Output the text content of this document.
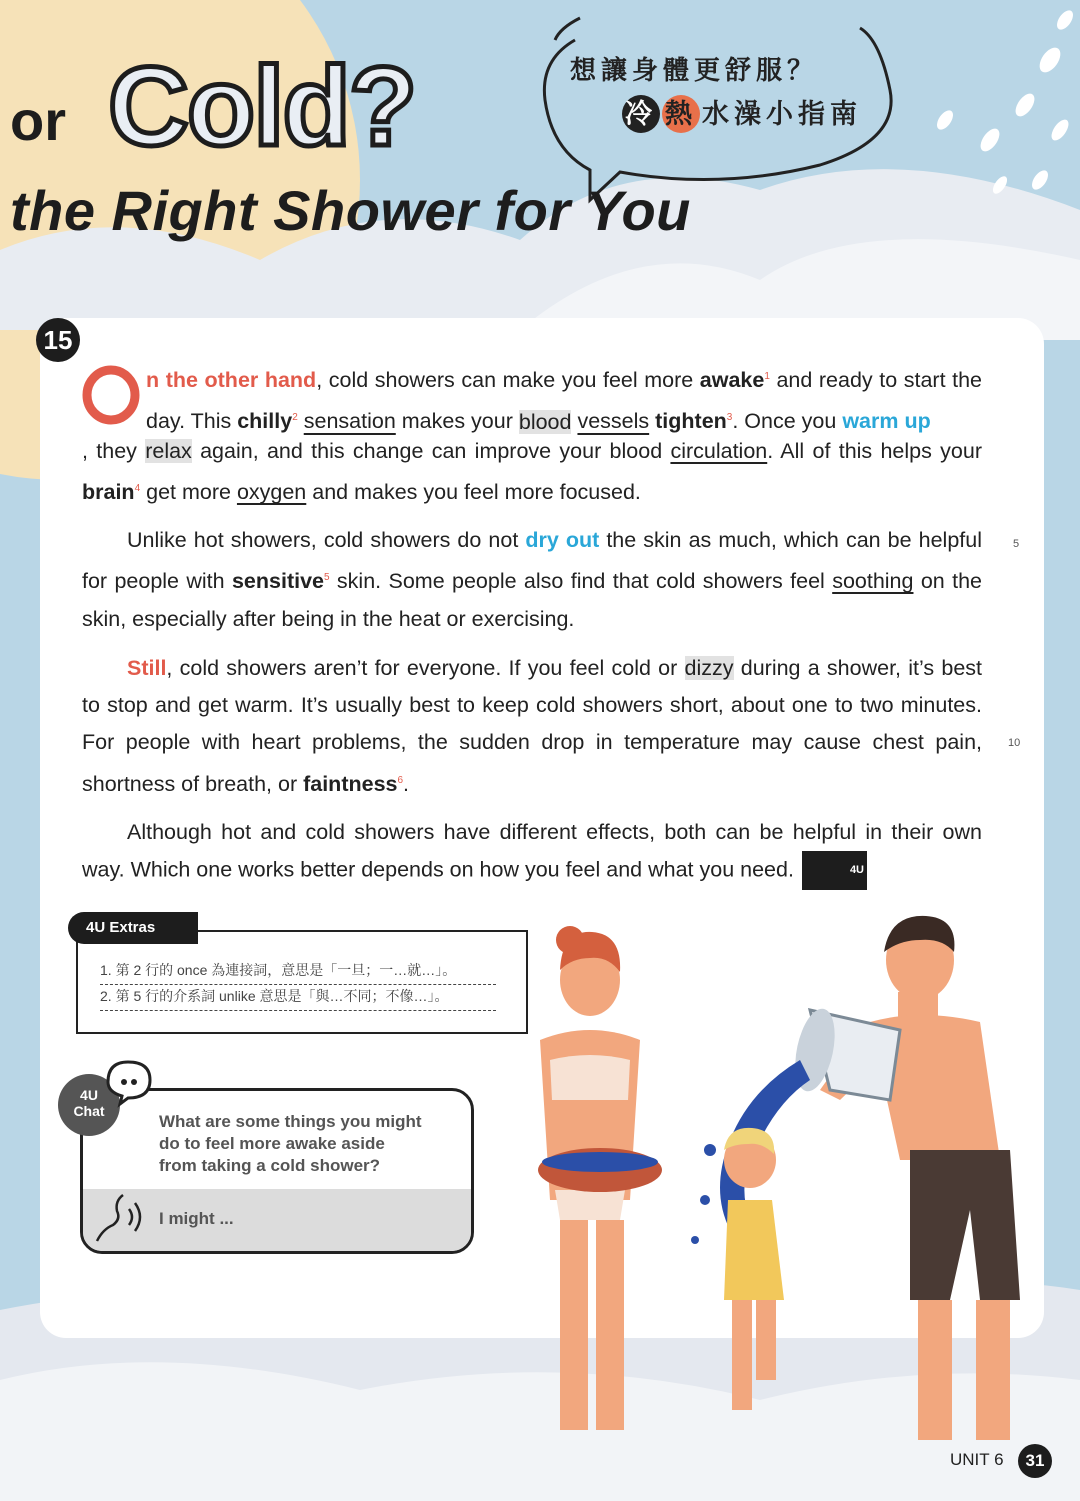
or Cold?
the Right Shower for You
想讓身體更舒服？
冷 熱 水澡小指南
15
n the other hand, cold showers can make you feel more awake$^1$ and ready to start the day. This chilly$^2$ sensation makes your blood vessels tighten$^3$. Once you warm up
, they relax again, and this change can improve your blood circulation. All of this helps your brain$^4$ get more oxygen and makes you feel more focused.
Unlike hot showers, cold showers do not dry out the skin as much, which can be helpful for people with sensitive$^5$ skin. Some people also find that cold showers feel soothing on the skin, especially after being in the heat or exercising.
Still, cold showers aren’t for everyone. If you feel cold or dizzy during a shower, it’s best to stop and get warm. It’s usually best to keep cold showers short, about one to two minutes. For people with heart problems, the sudden drop in temperature may cause chest pain, shortness of breath, or faintness$^6$.
Although hot and cold showers have different effects, both can be helpful in their own way. Which one works better depends on how you feel and what you need.	4U
5
10
1. 第 2 行的 once 為連接詞，意思是「一旦；一…就…」。
2. 第 5 行的介系詞 unlike 意思是「與…不同；不像…」。
4U Extras
What are some things you might
do to feel more awake aside
from taking a cold shower?
I might ...
4U
Chat
UNIT 6	31
